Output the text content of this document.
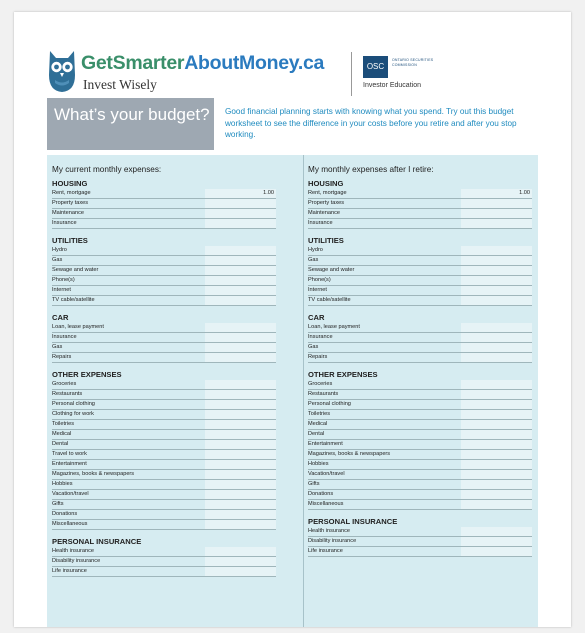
GetSmarterAboutMoney.ca
Invest Wisely
OSC
ONTARIO SECURITIES COMMISSION
Investor Education
What’s your budget? Good financial planning starts with knowing what you spend. Try out this budget worksheet to see the difference in your costs before you retire and after you stop working.
My current monthly expenses:
HOUSING
Rent, mortgage	1.00
Property taxes
Maintenance
Insurance
UTILITIES
Hydro
Gas
Sewage and water
Phone(s)
Internet
TV cable/satellite
CAR
Loan, lease payment
Insurance
Gas
Repairs
OTHER EXPENSES
Groceries
Restaurants
Personal clothing
Clothing for work
Toiletries
Medical
Dental
Travel to work
Entertainment
Magazines, books & newspapers
Hobbies
Vacation/travel
Gifts
Donations
Miscellaneous
PERSONAL INSURANCE
Health insurance
Disability insurance
Life insurance
My monthly expenses after I retire:
HOUSING
Rent, mortgage	1.00
Property taxes
Maintenance
Insurance
UTILITIES
Hydro
Gas
Sewage and water
Phone(s)
Internet
TV cable/satellite
CAR
Loan, lease payment
Insurance
Gas
Repairs
OTHER EXPENSES
Groceries
Restaurants
Personal clothing
Toiletries
Medical
Dental
Entertainment
Magazines, books & newspapers
Hobbies
Vacation/travel
Gifts
Donations
Miscellaneous
PERSONAL INSURANCE
Health insurance
Disability insurance
Life insurance
